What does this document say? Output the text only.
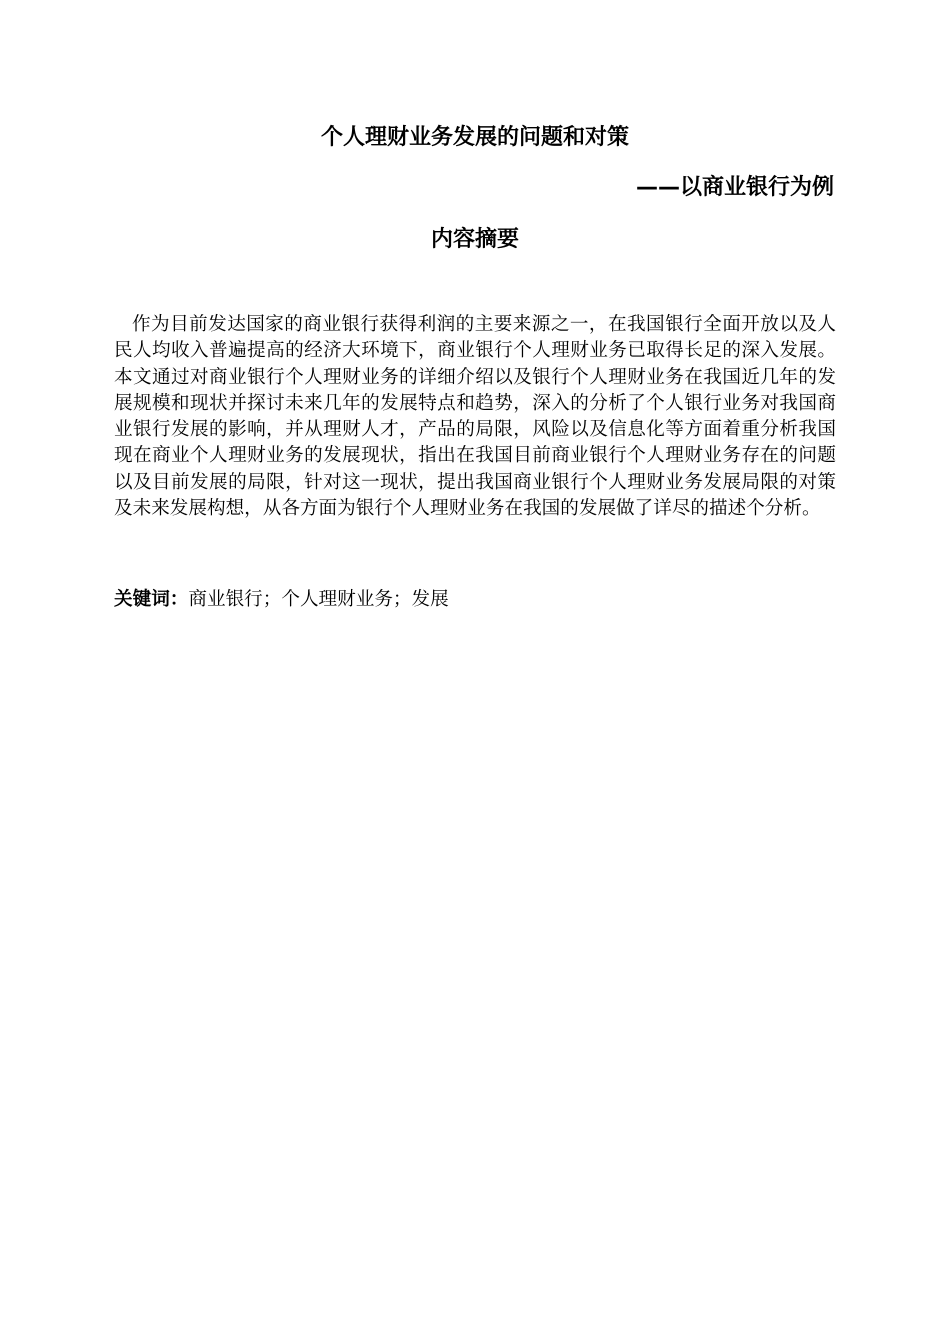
个人理财业务发展的问题和对策
——以商业银行为例
内容摘要

作为目前发达国家的商业银行获得利润的主要来源之一，在我国银行全面开放以及人民人均收入普遍提高的经济大环境下，商业银行个人理财业务已取得长足的深入发展。本文通过对商业银行个人理财业务的详细介绍以及银行个人理财业务在我国近几年的发展规模和现状并探讨未来几年的发展特点和趋势，深入的分析了个人银行业务对我国商业银行发展的影响，并从理财人才，产品的局限，风险以及信息化等方面着重分析我国现在商业个人理财业务的发展现状，指出在我国目前商业银行个人理财业务存在的问题以及目前发展的局限，针对这一现状，提出我国商业银行个人理财业务发展局限的对策及未来发展构想，从各方面为银行个人理财业务在我国的发展做了详尽的描述个分析。

关键词：商业银行；个人理财业务；发展
